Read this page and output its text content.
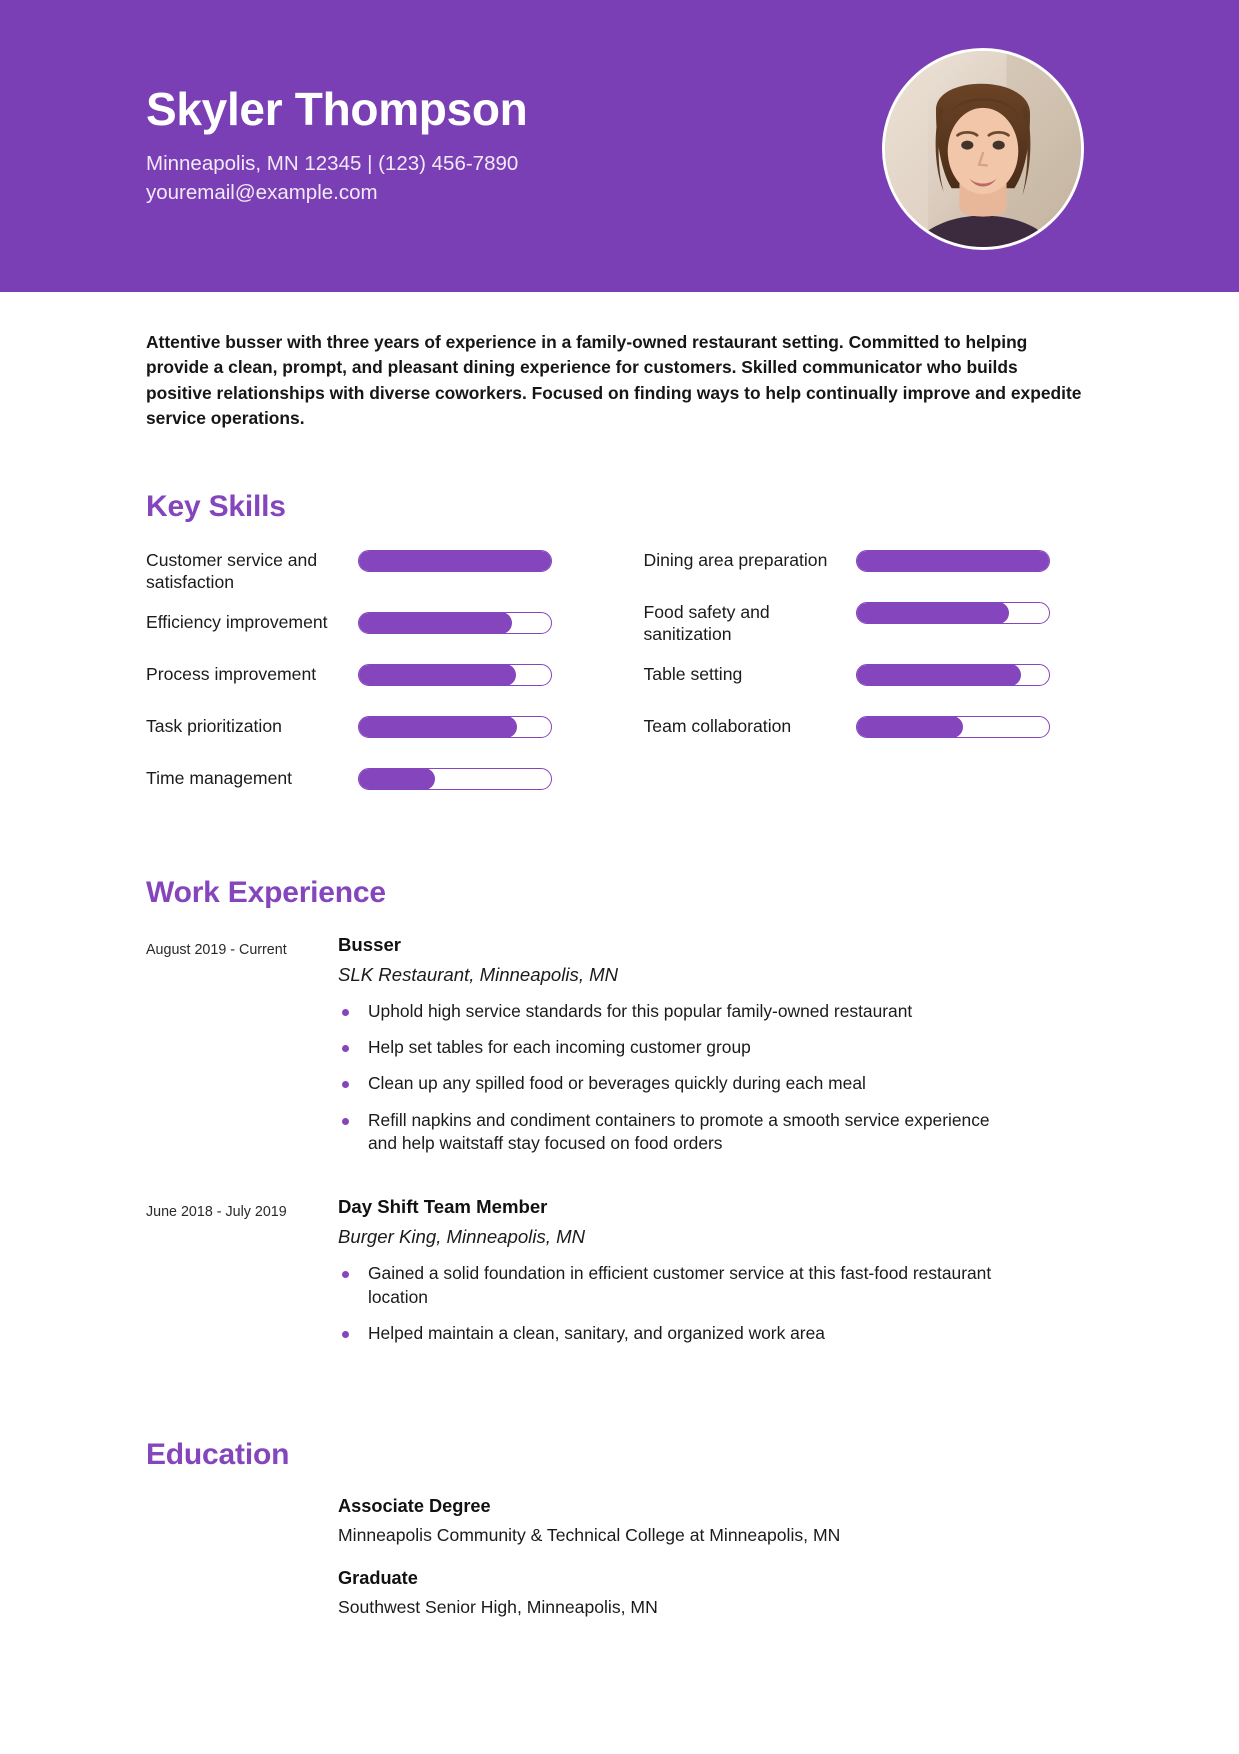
Skyler Thompson

Minneapolis, MN 12345 | (123) 456-7890

youremail@example.com

Attentive busser with three years of experience in a family-owned restaurant setting. Committed to helping provide a clean, prompt, and pleasant dining experience for customers. Skilled communicator who builds positive relationships with diverse coworkers. Focused on finding ways to help continually improve and expedite service operations.

Key Skills
Customer service and satisfaction
Efficiency improvement
Process improvement
Task prioritization
Time management
Dining area preparation
Food safety and sanitization
Table setting
Team collaboration
Work Experience
August 2019 - Current	Busser
SLK Restaurant, Minneapolis, MN
Uphold high service standards for this popular family-owned restaurant
Help set tables for each incoming customer group
Clean up any spilled food or beverages quickly during each meal
Refill napkins and condiment containers to promote a smooth service experience and help waitstaff stay focused on food orders
June 2018 - July 2019	Day Shift Team Member
Burger King, Minneapolis, MN
Gained a solid foundation in efficient customer service at this fast-food restaurant location
Helped maintain a clean, sanitary, and organized work area
Education
Associate Degree
Minneapolis Community & Technical College at Minneapolis, MN
Graduate
Southwest Senior High, Minneapolis, MN
